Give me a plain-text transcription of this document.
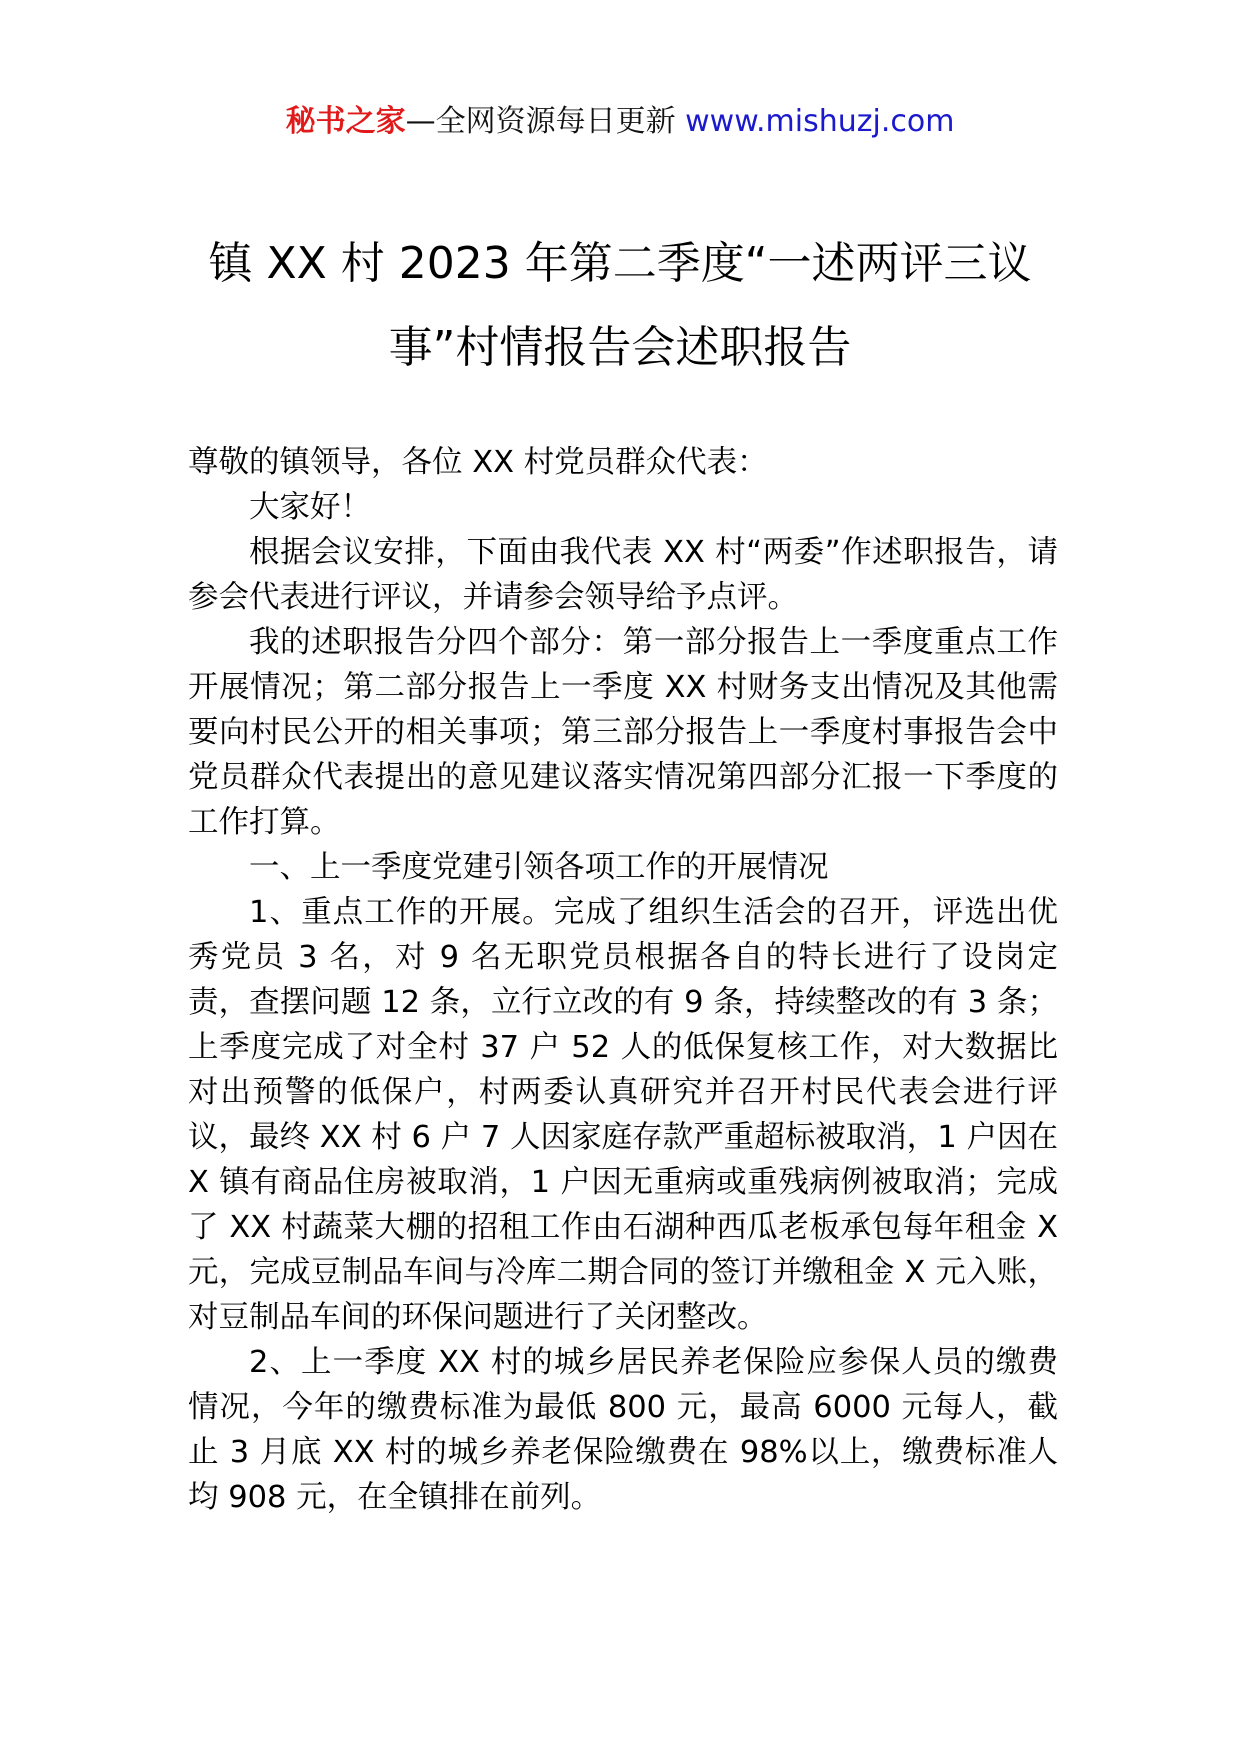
秘书之家—全网资源每日更新 www.mishuzj.com
镇 XX 村 2023 年第二季度“一述两评三议
事”村情报告会述职报告

尊敬的镇领导，各位 XX 村党员群众代表：

大家好！

根据会议安排，下面由我代表 XX 村“两委”作述职报告，请参会代表进行评议，并请参会领导给予点评。

我的述职报告分四个部分：第一部分报告上一季度重点工作开展情况；第二部分报告上一季度 XX 村财务支出情况及其他需要向村民公开的相关事项；第三部分报告上一季度村事报告会中党员群众代表提出的意见建议落实情况第四部分汇报一下季度的工作打算。

一、上一季度党建引领各项工作的开展情况

1、重点工作的开展。完成了组织生活会的召开，评选出优秀党员 3 名，对 9 名无职党员根据各自的特长进行了设岗定责，查摆问题 12 条，立行立改的有 9 条，持续整改的有 3 条；上季度完成了对全村 37 户 52 人的低保复核工作，对大数据比对出预警的低保户，村两委认真研究并召开村民代表会进行评议，最终 XX 村 6 户 7 人因家庭存款严重超标被取消，1 户因在 X 镇有商品住房被取消，1 户因无重病或重残病例被取消；完成了 XX 村蔬菜大棚的招租工作由石湖种西瓜老板承包每年租金 X 元，完成豆制品车间与冷库二期合同的签订并缴租金 X 元入账，对豆制品车间的环保问题进行了关闭整改。

2、上一季度 XX 村的城乡居民养老保险应参保人员的缴费情况，今年的缴费标准为最低 800 元，最高 6000 元每人，截止 3 月底 XX 村的城乡养老保险缴费在 98%以上，缴费标准人均 908 元，在全镇排在前列。
